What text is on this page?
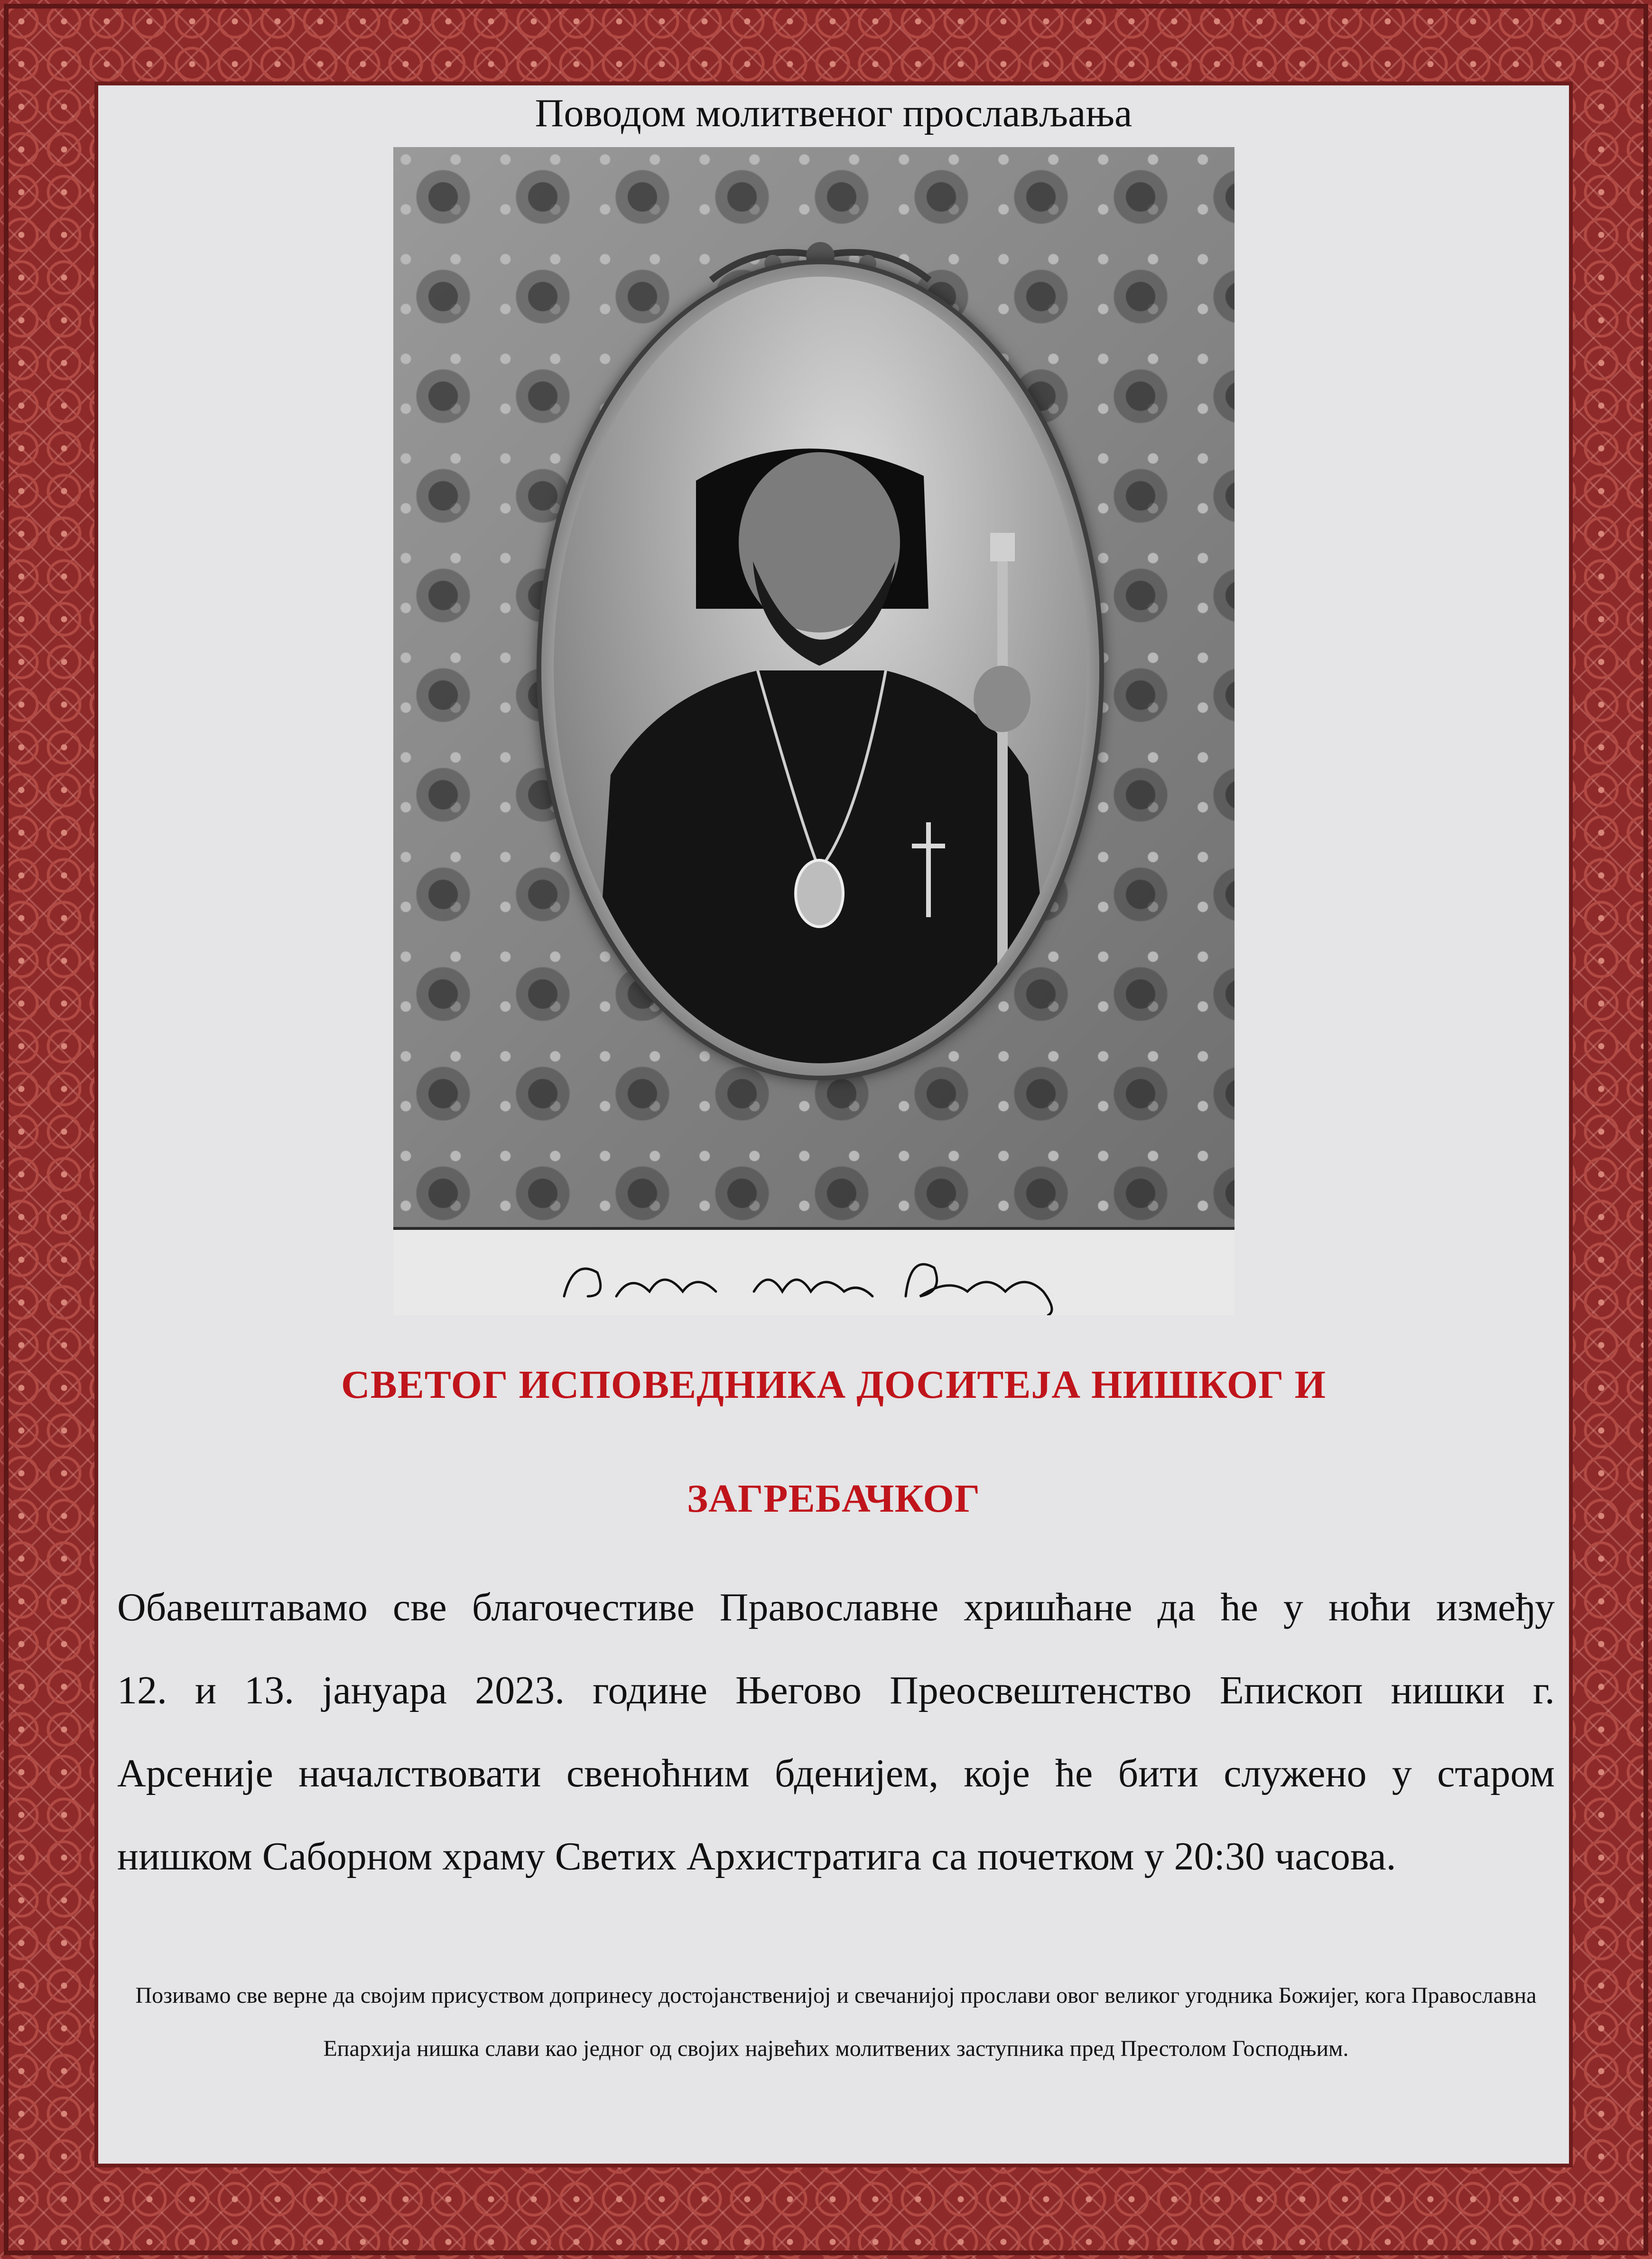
Поводом молитвеног прослављања
СВЕТОГ ИСПОВЕДНИКА ДОСИТЕЈА НИШКОГ И
ЗАГРЕБАЧКОГ
Обавештавамо све благочестиве Православне хришћане да ће у ноћи између
12. и 13. јануара 2023. године Његово Преосвештенство Епископ нишки г.
Арсеније началствовати свеноћним бденијем, које ће бити служено у старом
нишком Саборном храму Светих Архистратига са почетком у 20:30 часова.
Позивамо све верне да својим присуством допринесу достојанственијој и свечанијој прослави овог великог угодника Божијег, кога Православна Епархија нишка слави као једног од својих највећих молитвених заступника пред Престолом Господњим.
